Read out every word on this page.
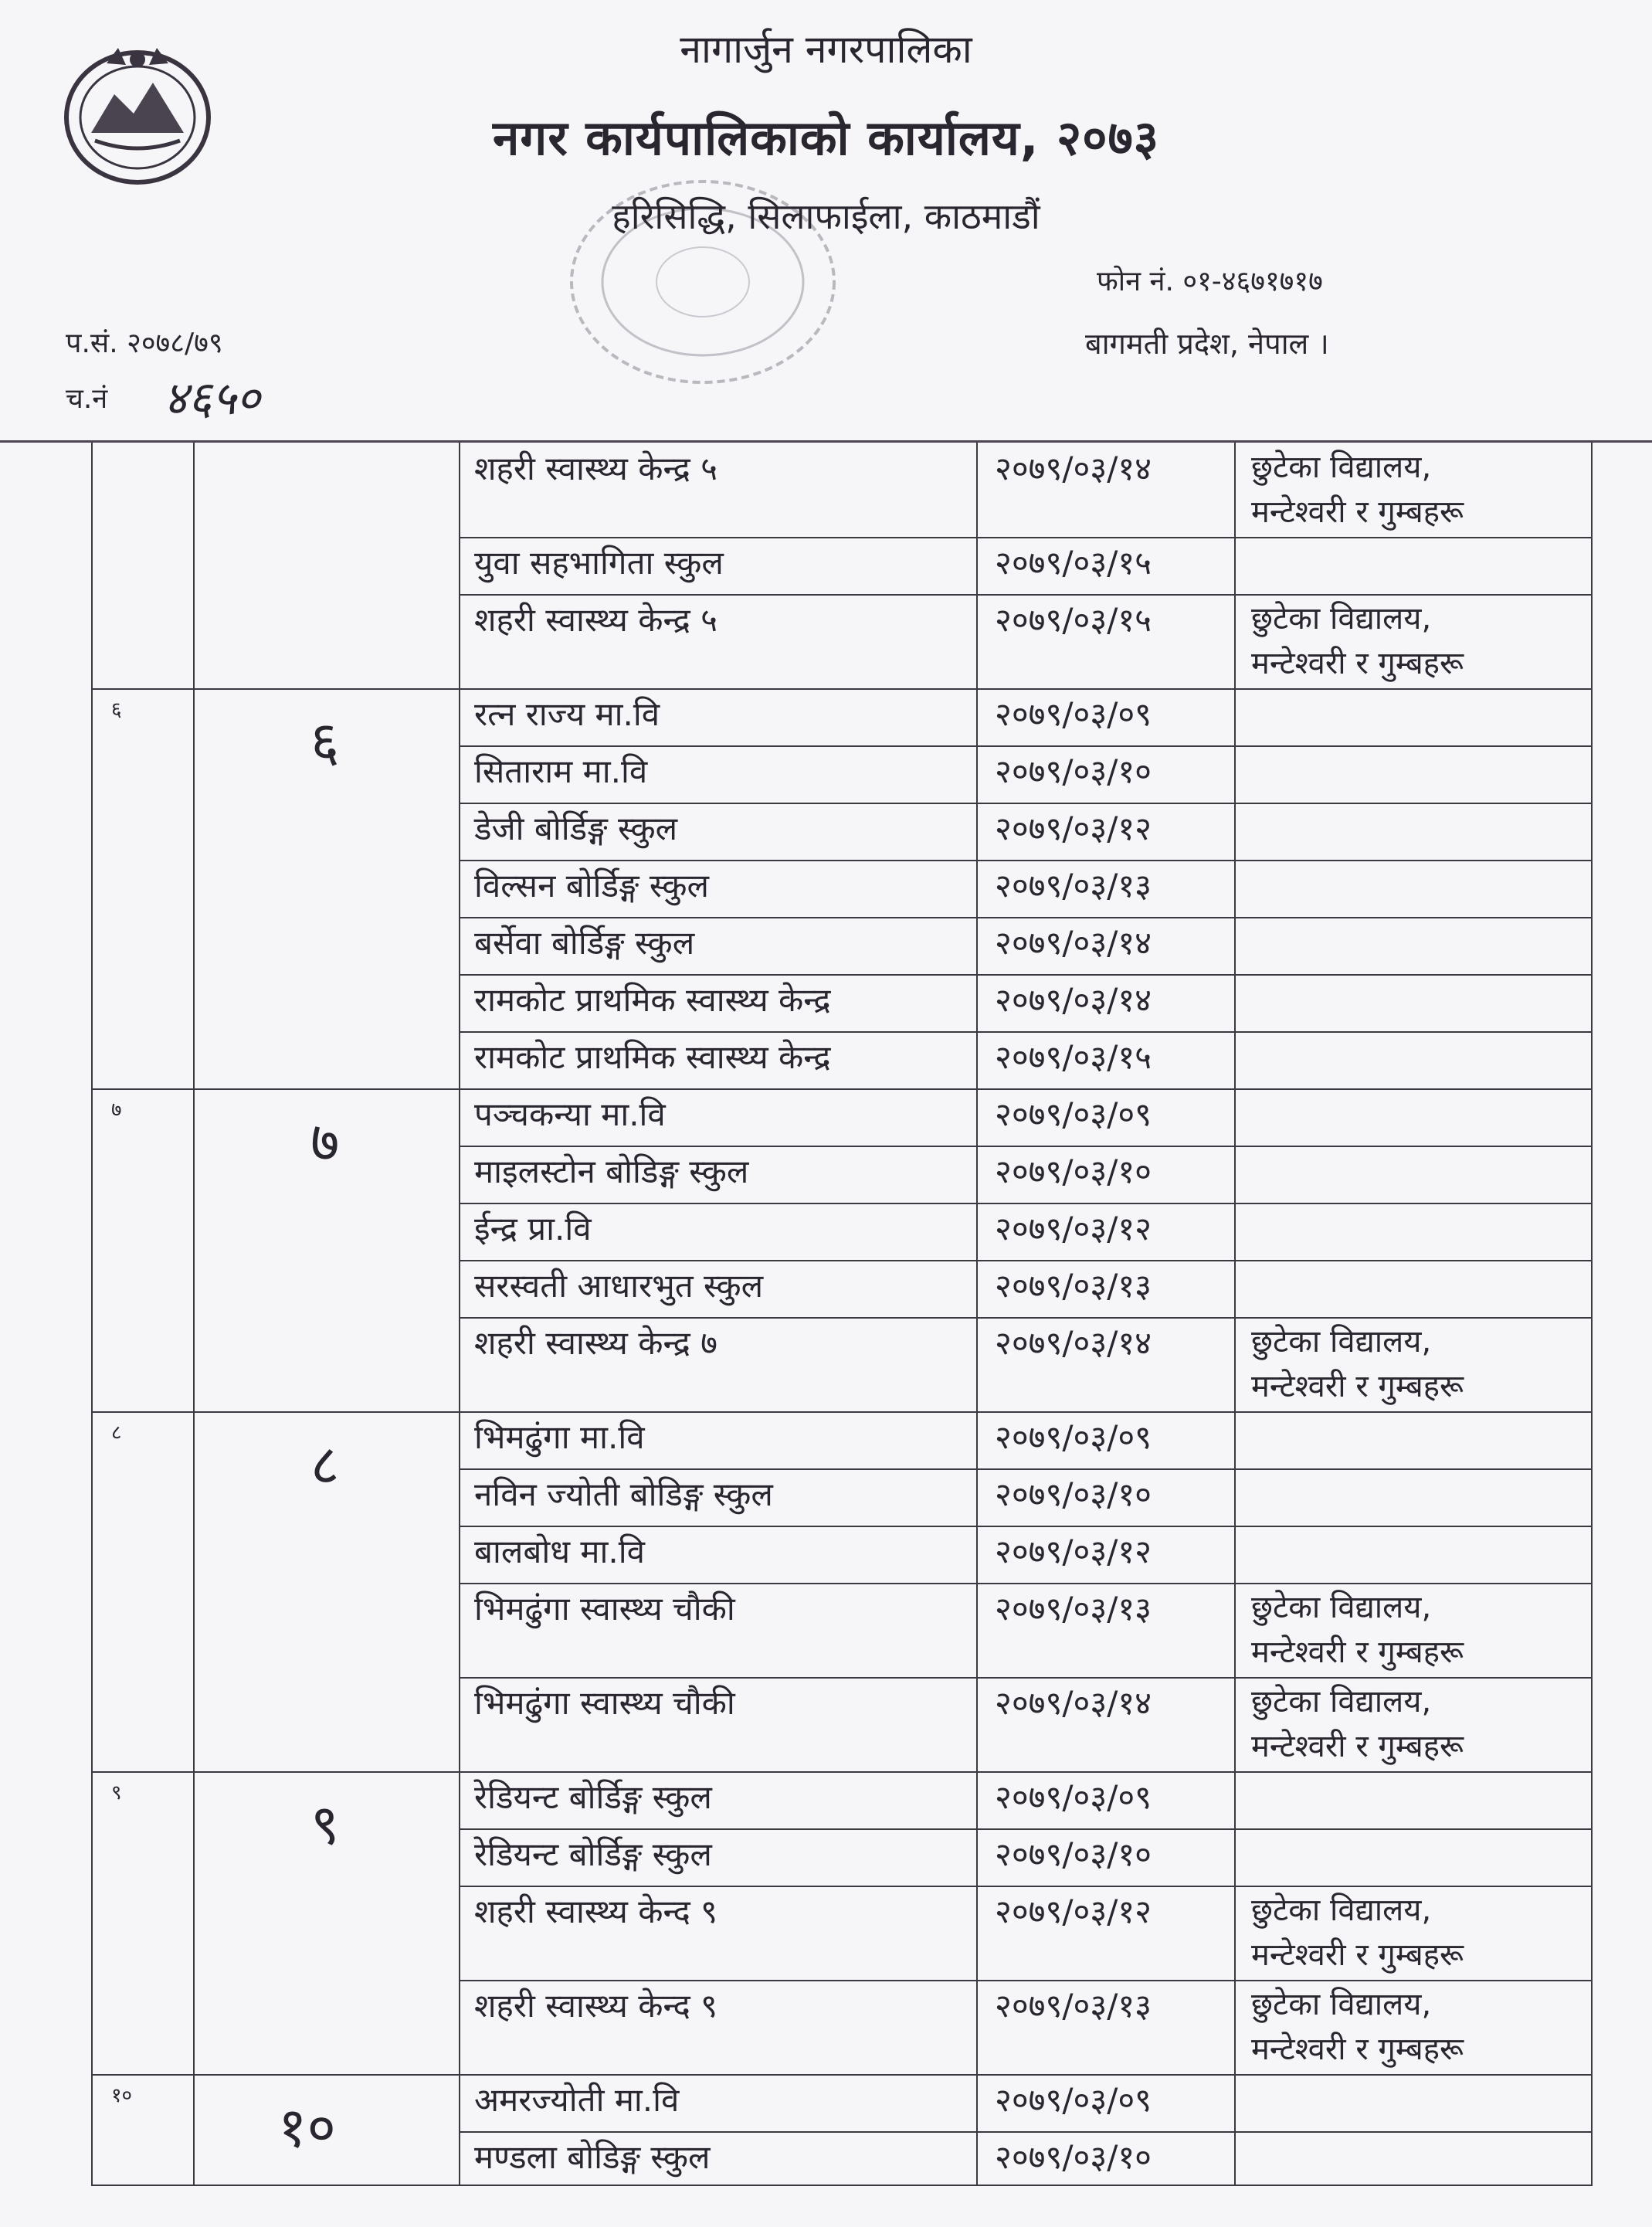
नागार्जुन नगरपालिका
नगर कार्यपालिकाको कार्यालय, २०७३
हरिसिद्धि, सिलाफाईला, काठमाडौं
फोन नं. ०१-४६७१७१७
बागमती प्रदेश, नेपाल ।
प.सं. २०७८/७९
च.नं ४६५०
शहरी स्वास्थ्य केन्द्र ५	२०७९/०३/१४	छुटेका विद्यालय,
मन्टेश्वरी र गुम्बहरू
युवा सहभागिता स्कुल	२०७९/०३/१५
शहरी स्वास्थ्य केन्द्र ५	२०७९/०३/१५	छुटेका विद्यालय,
मन्टेश्वरी र गुम्बहरू
६	६	रत्न राज्य मा.वि	२०७९/०३/०९
सिताराम मा.वि	२०७९/०३/१०
डेजी बोर्डिङ्ग स्कुल	२०७९/०३/१२
विल्सन बोर्डिङ्ग स्कुल	२०७९/०३/१३
बर्सेवा बोर्डिङ्ग स्कुल	२०७९/०३/१४
रामकोट प्राथमिक स्वास्थ्य केन्द्र	२०७९/०३/१४
रामकोट प्राथमिक स्वास्थ्य केन्द्र	२०७९/०३/१५
७	७	पञ्चकन्या मा.वि	२०७९/०३/०९
माइलस्टोन बोडिङ्ग स्कुल	२०७९/०३/१०
ईन्द्र प्रा.वि	२०७९/०३/१२
सरस्वती आधारभुत स्कुल	२०७९/०३/१३
शहरी स्वास्थ्य केन्द्र ७	२०७९/०३/१४	छुटेका विद्यालय,
मन्टेश्वरी र गुम्बहरू
८	८	भिमढुंगा मा.वि	२०७९/०३/०९
नविन ज्योती बोडिङ्ग स्कुल	२०७९/०३/१०
बालबोध मा.वि	२०७९/०३/१२
भिमढुंगा स्वास्थ्य चौकी	२०७९/०३/१३	छुटेका विद्यालय,
मन्टेश्वरी र गुम्बहरू
भिमढुंगा स्वास्थ्य चौकी	२०७९/०३/१४	छुटेका विद्यालय,
मन्टेश्वरी र गुम्बहरू
९	९	रेडियन्ट बोर्डिङ्ग स्कुल	२०७९/०३/०९
रेडियन्ट बोर्डिङ्ग स्कुल	२०७९/०३/१०
शहरी स्वास्थ्य केन्द ९	२०७९/०३/१२	छुटेका विद्यालय,
मन्टेश्वरी र गुम्बहरू
शहरी स्वास्थ्य केन्द ९	२०७९/०३/१३	छुटेका विद्यालय,
मन्टेश्वरी र गुम्बहरू
१०	१०	अमरज्योती मा.वि	२०७९/०३/०९
मण्डला बोडिङ्ग स्कुल	२०७९/०३/१०
